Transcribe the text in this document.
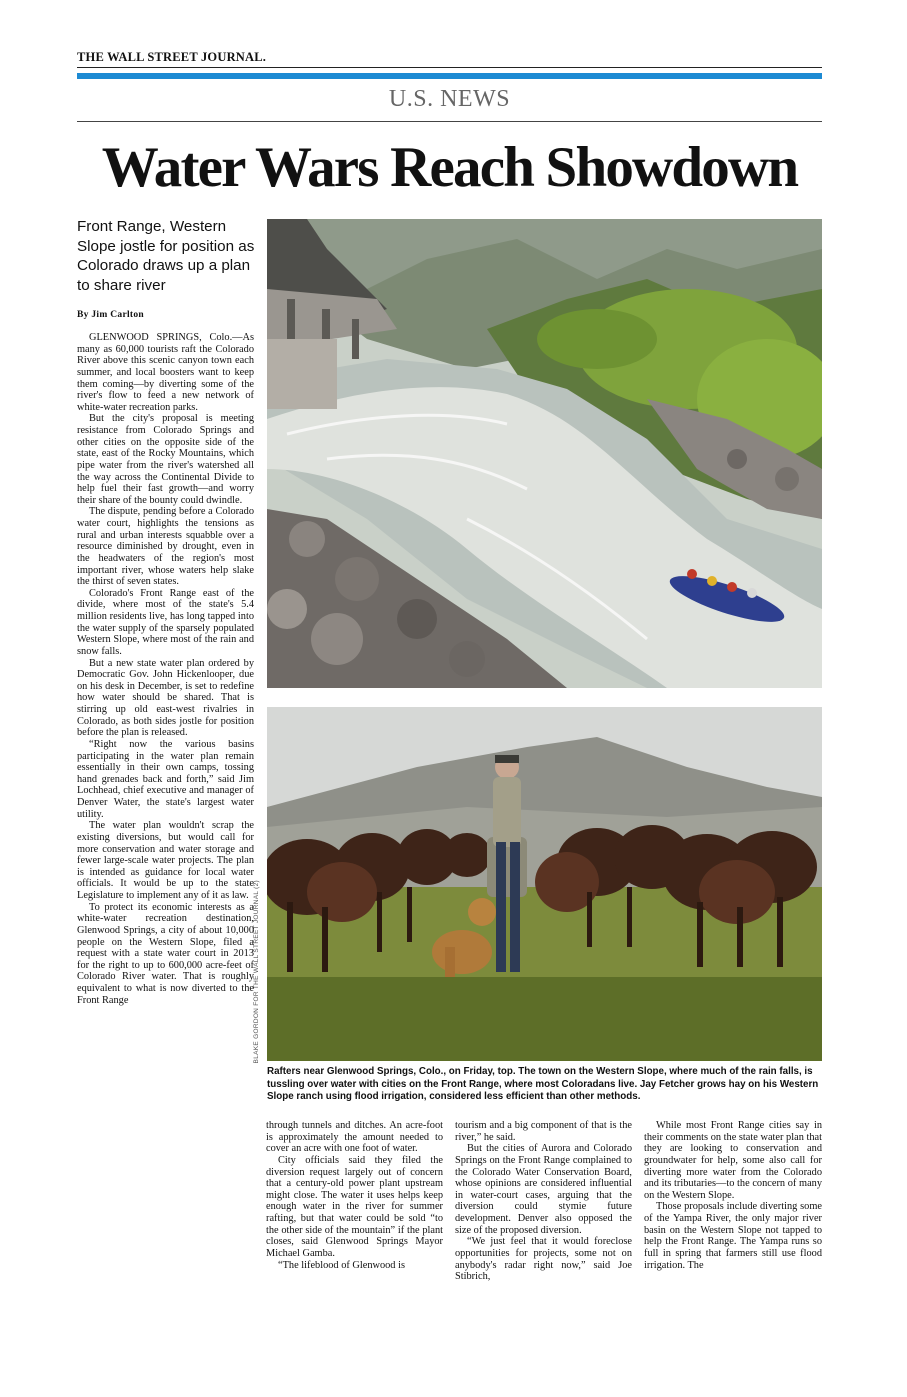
THE WALL STREET JOURNAL.
U.S. NEWS
Water Wars Reach Showdown
Front Range, Western Slope jostle for position as Colorado draws up a plan to share river
By Jim Carlton

GLENWOOD SPRINGS, Colo.—As many as 60,000 tourists raft the Colorado River above this scenic canyon town each summer, and local boosters want to keep them coming—by diverting some of the river's flow to feed a new network of white-water recreation parks.

But the city's proposal is meeting resistance from Colorado Springs and other cities on the opposite side of the state, east of the Rocky Mountains, which pipe water from the river's watershed all the way across the Continental Divide to help fuel their fast growth—and worry their share of the bounty could dwindle.

The dispute, pending before a Colorado water court, highlights the tensions as rural and urban interests squabble over a resource diminished by drought, even in the headwaters of the region's most important river, whose waters help slake the thirst of seven states.

Colorado's Front Range east of the divide, where most of the state's 5.4 million residents live, has long tapped into the water supply of the sparsely populated Western Slope, where most of the rain and snow falls.

But a new state water plan ordered by Democratic Gov. John Hickenlooper, due on his desk in December, is set to redefine how water should be shared. That is stirring up old east-west rivalries in Colorado, as both sides jostle for position before the plan is released.

“Right now the various basins participating in the water plan remain essentially in their own camps, tossing hand grenades back and forth,” said Jim Lochhead, chief executive and manager of Denver Water, the state's largest water utility.

The water plan wouldn't scrap the existing diversions, but would call for more conservation and water storage and fewer large-scale water projects. The plan is intended as guidance for local water officials. It would be up to the state Legislature to implement any of it as law.

To protect its economic interests as a white-water recreation destination, Glenwood Springs, a city of about 10,000 people on the Western Slope, filed a request with a state water court in 2013 for the right to up to 600,000 acre-feet of Colorado River water. That is roughly equivalent to what is now diverted to the Front Range	BLAKE GORDON FOR THE WALL STREET JOURNAL (2)
Rafters near Glenwood Springs, Colo., on Friday, top. The town on the Western Slope, where much of the rain falls, is tussling over water with cities on the Front Range, where most Coloradans live. Jay Fetcher grows hay on his Western Slope ranch using flood irrigation, considered less efficient than other methods.

through tunnels and ditches. An acre-foot is approximately the amount needed to cover an acre with one foot of water.

City officials said they filed the diversion request largely out of concern that a century-old power plant upstream might close. The water it uses helps keep enough water in the river for summer rafting, but that water could be sold “to the other side of the mountain” if the plant closes, said Glenwood Springs Mayor Michael Gamba.

“The lifeblood of Glenwood is

tourism and a big component of that is the river,” he said.

But the cities of Aurora and Colorado Springs on the Front Range complained to the Colorado Water Conservation Board, whose opinions are considered influential in water-court cases, arguing that the diversion could stymie future development. Denver also opposed the size of the proposed diversion.

“We just feel that it would foreclose opportunities for projects, some not on anybody's radar right now,” said Joe Stibrich,

While most Front Range cities say in their comments on the state water plan that they are looking to conservation and groundwater for help, some also call for diverting more water from the Colorado and its tributaries—to the concern of many on the Western Slope.

Those proposals include diverting some of the Yampa River, the only major river basin on the Western Slope not tapped to help the Front Range. The Yampa runs so full in spring that farmers still use flood irrigation. The
